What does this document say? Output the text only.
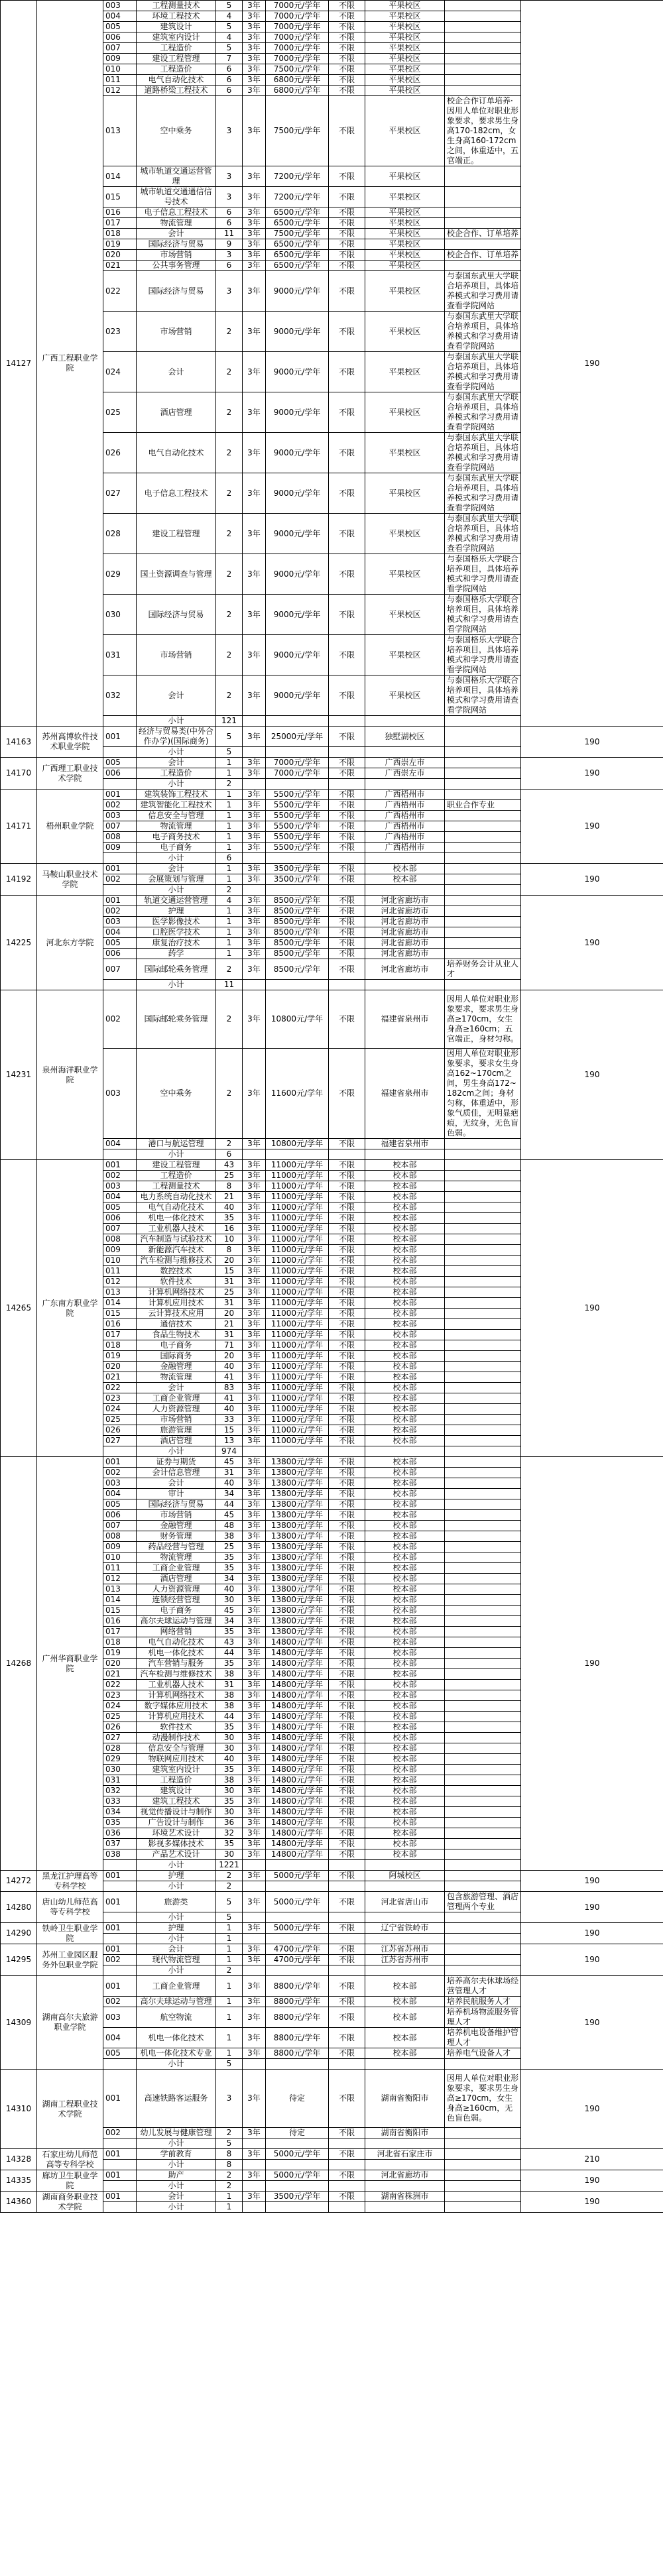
14127	广西工程职业学院	003	工程测量技术	5	3年	7000元/学年	不限	平果校区		190
		004	环境工程技术	4	3年	7000元/学年	不限	平果校区		
		005	建筑设计	5	3年	7000元/学年	不限	平果校区		
		006	建筑室内设计	4	3年	7000元/学年	不限	平果校区		
		007	工程造价	5	3年	7000元/学年	不限	平果校区		
		009	建设工程管理	7	3年	7000元/学年	不限	平果校区		
		010	工程造价	6	3年	7500元/学年	不限	平果校区		
		011	电气自动化技术	6	3年	6800元/学年	不限	平果校区		
		012	道路桥梁工程技术	6	3年	6800元/学年	不限	平果校区		
		013	空中乘务	3	3年	7500元/学年	不限	平果校区	校企合作订单培养·因用人单位对职业形象要求，要求男生身高170-182cm，女生身高160-172cm之间，体重适中，五官端正。	
		014	城市轨道交通运营管理	3	3年	7200元/学年	不限	平果校区		
		015	城市轨道交通通信信号技术	3	3年	7200元/学年	不限	平果校区		
		016	电子信息工程技术	6	3年	6500元/学年	不限	平果校区		
		017	物流管理	6	3年	6500元/学年	不限	平果校区		
		018	会计	11	3年	7500元/学年	不限	平果校区	校企合作、订单培养	
		019	国际经济与贸易	9	3年	6500元/学年	不限	平果校区		
		020	市场营销	3	3年	6500元/学年	不限	平果校区	校企合作、订单培养	
		021	公共事务管理	6	3年	6500元/学年	不限	平果校区		
		022	国际经济与贸易	3	3年	9000元/学年	不限	平果校区	与泰国东武里大学联合培养项目，具体培养模式和学习费用请查看学院网站	
		023	市场营销	2	3年	9000元/学年	不限	平果校区	与泰国东武里大学联合培养项目，具体培养模式和学习费用请查看学院网站	
		024	会计	2	3年	9000元/学年	不限	平果校区	与泰国东武里大学联合培养项目，具体培养模式和学习费用请查看学院网站	
		025	酒店管理	2	3年	9000元/学年	不限	平果校区	与泰国东武里大学联合培养项目，具体培养模式和学习费用请查看学院网站	
		026	电气自动化技术	2	3年	9000元/学年	不限	平果校区	与泰国东武里大学联合培养项目，具体培养模式和学习费用请查看学院网站	
		027	电子信息工程技术	2	3年	9000元/学年	不限	平果校区	与泰国东武里大学联合培养项目，具体培养模式和学习费用请查看学院网站	
		028	建设工程管理	2	3年	9000元/学年	不限	平果校区	与泰国东武里大学联合培养项目，具体培养模式和学习费用请查看学院网站	
		029	国土资源调查与管理	2	3年	9000元/学年	不限	平果校区	与泰国格乐大学联合培养项目，具体培养模式和学习费用请查看学院网站	
		030	国际经济与贸易	2	3年	9000元/学年	不限	平果校区	与泰国格乐大学联合培养项目，具体培养模式和学习费用请查看学院网站	
		031	市场营销	2	3年	9000元/学年	不限	平果校区	与泰国格乐大学联合培养项目，具体培养模式和学习费用请查看学院网站	
		032	会计	2	3年	9000元/学年	不限	平果校区	与泰国格乐大学联合培养项目，具体培养模式和学习费用请查看学院网站	
			小计	121						
14163	苏州高博软件技术职业学院	001	经济与贸易类(中外合作办学)(国际商务)	5	3年	25000元/学年	不限	独墅湖校区		190
			小计	5						
14170	广西理工职业技术学院	005	会计	1	3年	7000元/学年	不限	广西崇左市		190
		006	工程造价	1	3年	7000元/学年	不限	广西崇左市		
			小计	2						
14171	梧州职业学院	001	建筑装饰工程技术	1	3年	5500元/学年	不限	广西梧州市		190
		002	建筑智能化工程技术	1	3年	5500元/学年	不限	广西梧州市	职业合作专业	
		003	信息安全与管理	1	3年	5500元/学年	不限	广西梧州市		
		007	物流管理	1	3年	5500元/学年	不限	广西梧州市		
		008	电子商务技术	1	3年	5500元/学年	不限	广西梧州市		
		009	电子商务	1	3年	5500元/学年	不限	广西梧州市		
			小计	6						
14192	马鞍山职业技术学院	001	会计	1	3年	3500元/学年	不限	校本部		190
		002	会展策划与管理	1	3年	3500元/学年	不限	校本部		
			小计	2						
14225	河北东方学院	001	轨道交通运营管理	4	3年	8500元/学年	不限	河北省廊坊市		190
		002	护理	1	3年	8500元/学年	不限	河北省廊坊市		
		003	医学影像技术	1	3年	8500元/学年	不限	河北省廊坊市		
		004	口腔医学技术	1	3年	8500元/学年	不限	河北省廊坊市		
		005	康复治疗技术	1	3年	8500元/学年	不限	河北省廊坊市		
		006	药学	1	3年	8500元/学年	不限	河北省廊坊市		
		007	国际邮轮乘务管理	2	3年	8500元/学年	不限	河北省廊坊市	培养财务会计从业人才	
			小计	11						
14231	泉州海洋职业学院	002	国际邮轮乘务管理	2	3年	10800元/学年	不限	福建省泉州市	因用人单位对职业形象要求，要求男生身高≥170cm，女生身高≥160cm；五官端正，身材匀称。	190
		003	空中乘务	2	3年	11600元/学年	不限	福建省泉州市	因用人单位对职业形象要求，要求女生身高162~170cm之间，男生身高172~182cm之间；身材匀称，体重适中，形象气质佳，无明显疤痕，无纹身，无色盲色弱。	
		004	港口与航运管理	2	3年	10800元/学年	不限	福建省泉州市		
			小计	6						
14265	广东南方职业学院	001	建设工程管理	43	3年	11000元/学年	不限	校本部		190
		002	工程造价	25	3年	11000元/学年	不限	校本部		
		003	工程测量技术	8	3年	11000元/学年	不限	校本部		
		004	电力系统自动化技术	21	3年	11000元/学年	不限	校本部		
		005	电气自动化技术	40	3年	11000元/学年	不限	校本部		
		006	机电一体化技术	35	3年	11000元/学年	不限	校本部		
		007	工业机器人技术	16	3年	11000元/学年	不限	校本部		
		008	汽车制造与试验技术	10	3年	11000元/学年	不限	校本部		
		009	新能源汽车技术	8	3年	11000元/学年	不限	校本部		
		010	汽车检测与维修技术	20	3年	11000元/学年	不限	校本部		
		011	数控技术	15	3年	11000元/学年	不限	校本部		
		012	软件技术	31	3年	11000元/学年	不限	校本部		
		013	计算机网络技术	25	3年	11000元/学年	不限	校本部		
		014	计算机应用技术	31	3年	11000元/学年	不限	校本部		
		015	云计算技术应用	20	3年	11000元/学年	不限	校本部		
		016	通信技术	21	3年	11000元/学年	不限	校本部		
		017	食品生物技术	31	3年	11000元/学年	不限	校本部		
		018	电子商务	71	3年	11000元/学年	不限	校本部		
		019	国际商务	20	3年	11000元/学年	不限	校本部		
		020	金融管理	40	3年	11000元/学年	不限	校本部		
		021	物流管理	41	3年	11000元/学年	不限	校本部		
		022	会计	83	3年	11000元/学年	不限	校本部		
		023	工商企业管理	41	3年	11000元/学年	不限	校本部		
		024	人力资源管理	40	3年	11000元/学年	不限	校本部		
		025	市场营销	33	3年	11000元/学年	不限	校本部		
		026	旅游管理	15	3年	11000元/学年	不限	校本部		
		027	酒店管理	13	3年	11000元/学年	不限	校本部		
			小计	974						
14268	广州华商职业学院	001	证券与期货	45	3年	13800元/学年	不限	校本部		190
		002	会计信息管理	31	3年	13800元/学年	不限	校本部		
		003	会计	40	3年	13800元/学年	不限	校本部		
		004	审计	34	3年	13800元/学年	不限	校本部		
		005	国际经济与贸易	44	3年	13800元/学年	不限	校本部		
		006	市场营销	45	3年	13800元/学年	不限	校本部		
		007	金融管理	48	3年	13800元/学年	不限	校本部		
		008	财务管理	38	3年	13800元/学年	不限	校本部		
		009	药品经营与管理	25	3年	13800元/学年	不限	校本部		
		010	物流管理	35	3年	13800元/学年	不限	校本部		
		011	工商企业管理	35	3年	13800元/学年	不限	校本部		
		012	酒店管理	34	3年	13800元/学年	不限	校本部		
		013	人力资源管理	40	3年	13800元/学年	不限	校本部		
		014	连锁经营管理	30	3年	13800元/学年	不限	校本部		
		015	电子商务	45	3年	13800元/学年	不限	校本部		
		016	高尔夫球运动与管理	34	3年	13800元/学年	不限	校本部		
		017	网络营销	35	3年	13800元/学年	不限	校本部		
		018	电气自动化技术	43	3年	14800元/学年	不限	校本部		
		019	机电一体化技术	44	3年	14800元/学年	不限	校本部		
		020	汽车营销与服务	35	3年	14800元/学年	不限	校本部		
		021	汽车检测与维修技术	38	3年	14800元/学年	不限	校本部		
		022	工业机器人技术	31	3年	14800元/学年	不限	校本部		
		023	计算机网络技术	38	3年	14800元/学年	不限	校本部		
		024	数字媒体应用技术	38	3年	14800元/学年	不限	校本部		
		025	计算机应用技术	44	3年	14800元/学年	不限	校本部		
		026	软件技术	35	3年	14800元/学年	不限	校本部		
		027	动漫制作技术	30	3年	14800元/学年	不限	校本部		
		028	信息安全与管理	30	3年	14800元/学年	不限	校本部		
		029	物联网应用技术	40	3年	14800元/学年	不限	校本部		
		030	建筑室内设计	35	3年	14800元/学年	不限	校本部		
		031	工程造价	38	3年	14800元/学年	不限	校本部		
		032	建筑设计	30	3年	14800元/学年	不限	校本部		
		033	建筑工程技术	35	3年	14800元/学年	不限	校本部		
		034	视觉传播设计与制作	30	3年	14800元/学年	不限	校本部		
		035	广告设计与制作	36	3年	14800元/学年	不限	校本部		
		036	环境艺术设计	32	3年	14800元/学年	不限	校本部		
		037	影视多媒体技术	35	3年	14800元/学年	不限	校本部		
		038	产品艺术设计	30	3年	14800元/学年	不限	校本部		
			小计	1221						
14272	黑龙江护理高等专科学校	001	护理	2	3年	5000元/学年	不限	阿城校区		190
			小计	2						
14280	唐山幼儿师范高等专科学校	001	旅游类	5	3年	5000元/学年	不限	河北省唐山市	包含旅游管理、酒店管理两个专业	190
			小计	5						
14290	铁岭卫生职业学院	001	护理	1	3年	5000元/学年	不限	辽宁省铁岭市		190
			小计	1						
14295	苏州工业园区服务外包职业学院	001	会计	1	3年	4700元/学年	不限	江苏省苏州市		190
		002	现代物流管理	1	3年	4700元/学年	不限	江苏省苏州市		
			小计	2						
14309	湖南高尔夫旅游职业学院	001	工商企业管理	1	3年	8800元/学年	不限	校本部	培养高尔夫休球场经营管理人才	190
		002	高尔夫球运动与管理	1	3年	8800元/学年	不限	校本部	培养民航服务人才	
		003	航空物流	1	3年	8800元/学年	不限	校本部	培养机场物流服务管理人才	
		004	机电一体化技术	1	3年	8800元/学年	不限	校本部	培养机电设备维护管理人才	
		005	机电一体化技术专业	1	3年	8800元/学年	不限	校本部	培养电气设备人才	
			小计	5						
14310	湖南工程职业技术学院	001	高速铁路客运服务	3	3年	待定	不限	湖南省衡阳市	因用人单位对职业形象要求，要求男生身高≥170cm，女生身高≥160cm，无色盲色弱。	190
		002	幼儿发展与健康管理	2	3年	待定	不限	湖南省衡阳市		
			小计	5						
14328	石家庄幼儿师范高等专科学校	001	学前教育	8	3年	5000元/学年	不限	河北省石家庄市		210
			小计	8						
14335	廊坊卫生职业学院	001	助产	2	3年	5000元/学年	不限	河北省廊坊市		190
			小计	2						
14360	湖南商务职业技术学院	001	会计	1	3年	3500元/学年	不限	湖南省株洲市		190
			小计	1						
